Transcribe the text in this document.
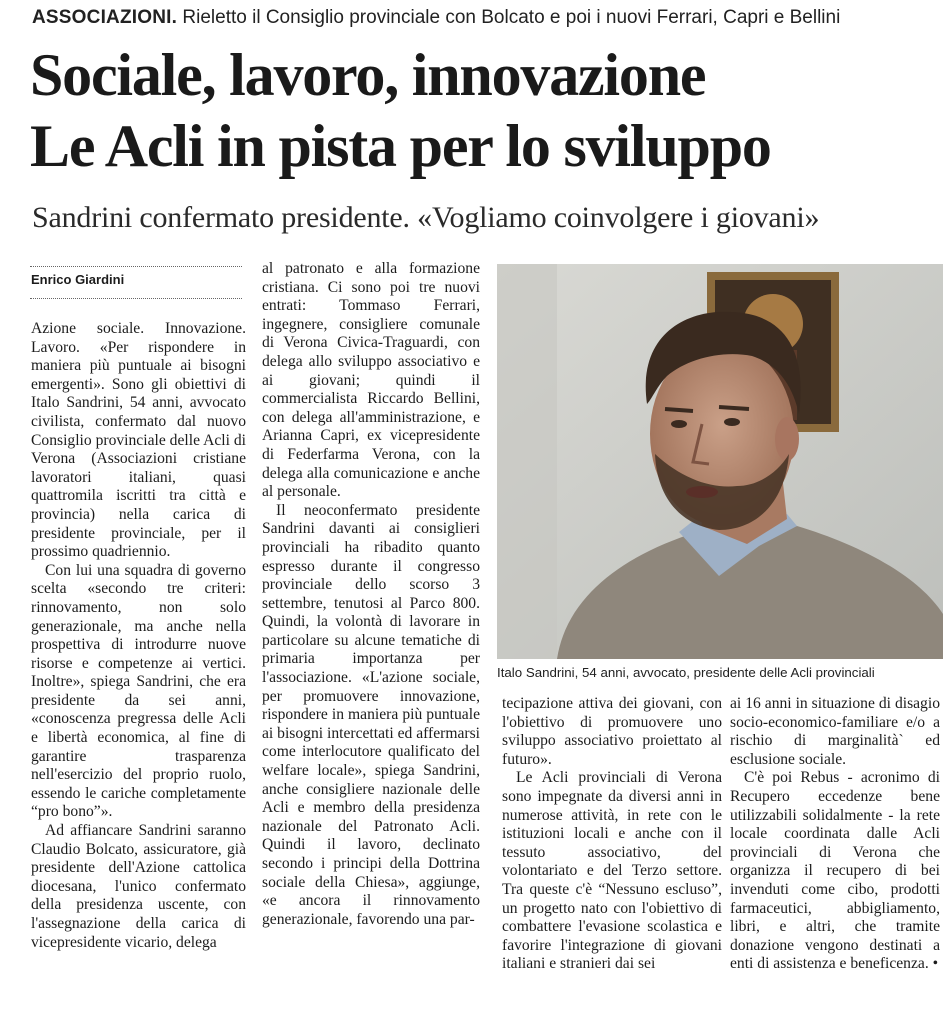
ASSOCIAZIONI. Rieletto il Consiglio provinciale con Bolcato e poi i nuovi Ferrari, Capri e Bellini
Sociale, lavoro, innovazione
Le Acli in pista per lo sviluppo
Sandrini confermato presidente. «Vogliamo coinvolgere i giovani»
Enrico Giardini

Azione sociale. Innovazione. Lavoro. «Per rispondere in maniera più puntuale ai bisogni emergenti». Sono gli obiettivi di Italo Sandrini, 54 anni, avvocato civilista, confermato dal nuovo Consiglio provinciale delle Acli di Verona (Associazioni cristiane lavoratori italiani, quasi quattromila iscritti tra città e provincia) nella carica di presidente provinciale, per il prossimo quadriennio.

Con lui una squadra di governo scelta «secondo tre criteri: rinnovamento, non solo generazionale, ma anche nella prospettiva di introdurre nuove risorse e competenze ai vertici. Inoltre», spiega Sandrini, che era presidente da sei anni, «conoscenza pregressa delle Acli e libertà economica, al fine di garantire trasparenza nell'esercizio del proprio ruolo, essendo le cariche completamente “pro bono”».

Ad affiancare Sandrini saranno Claudio Bolcato, assicuratore, già presidente dell'Azione cattolica diocesana, l'unico confermato della presidenza uscente, con l'assegnazione della carica di vicepresidente vicario, delega

al patronato e alla formazione cristiana. Ci sono poi tre nuovi entrati: Tommaso Ferrari, ingegnere, consigliere comunale di Verona Civica-Traguardi, con delega allo sviluppo associativo e ai giovani; quindi il commercialista Riccardo Bellini, con delega all'amministrazione, e Arianna Capri, ex vicepresidente di Federfarma Verona, con la delega alla comunicazione e anche al personale.

Il neoconfermato presidente Sandrini davanti ai consiglieri provinciali ha ribadito quanto espresso durante il congresso provinciale dello scorso 3 settembre, tenutosi al Parco 800. Quindi, la volontà di lavorare in particolare su alcune tematiche di primaria importanza per l'associazione. «L'azione sociale, per promuovere innovazione, rispondere in maniera più puntuale ai bisogni intercettati ed affermarsi come interlocutore qualificato del welfare locale», spiega Sandrini, anche consigliere nazionale delle Acli e membro della presidenza nazionale del Patronato Acli. Quindi il lavoro, declinato secondo i principi della Dottrina sociale della Chiesa», aggiunge, «e ancora il rinnovamento generazionale, favorendo una par-

Italo Sandrini, 54 anni, avvocato, presidente delle Acli provinciali

tecipazione attiva dei giovani, con l'obiettivo di promuovere uno sviluppo associativo proiettato al futuro».

Le Acli provinciali di Verona sono impegnate da diversi anni in numerose attività, in rete con le istituzioni locali e anche con il tessuto associativo, del volontariato e del Terzo settore. Tra queste c'è “Nessuno escluso”, un progetto nato con l'obiettivo di combattere l'evasione scolastica e favorire l'integrazione di giovani italiani e stranieri dai sei

ai 16 anni in situazione di disagio socio-economico-familiare e/o a rischio di marginalità` ed esclusione sociale.

C'è poi Rebus - acronimo di Recupero eccedenze bene utilizzabili solidalmente - la rete locale coordinata dalle Acli provinciali di Verona che organizza il recupero di bei invenduti come cibo, prodotti farmaceutici, abbigliamento, libri, e altri, che tramite donazione vengono destinati a enti di assistenza e beneficenza. •
